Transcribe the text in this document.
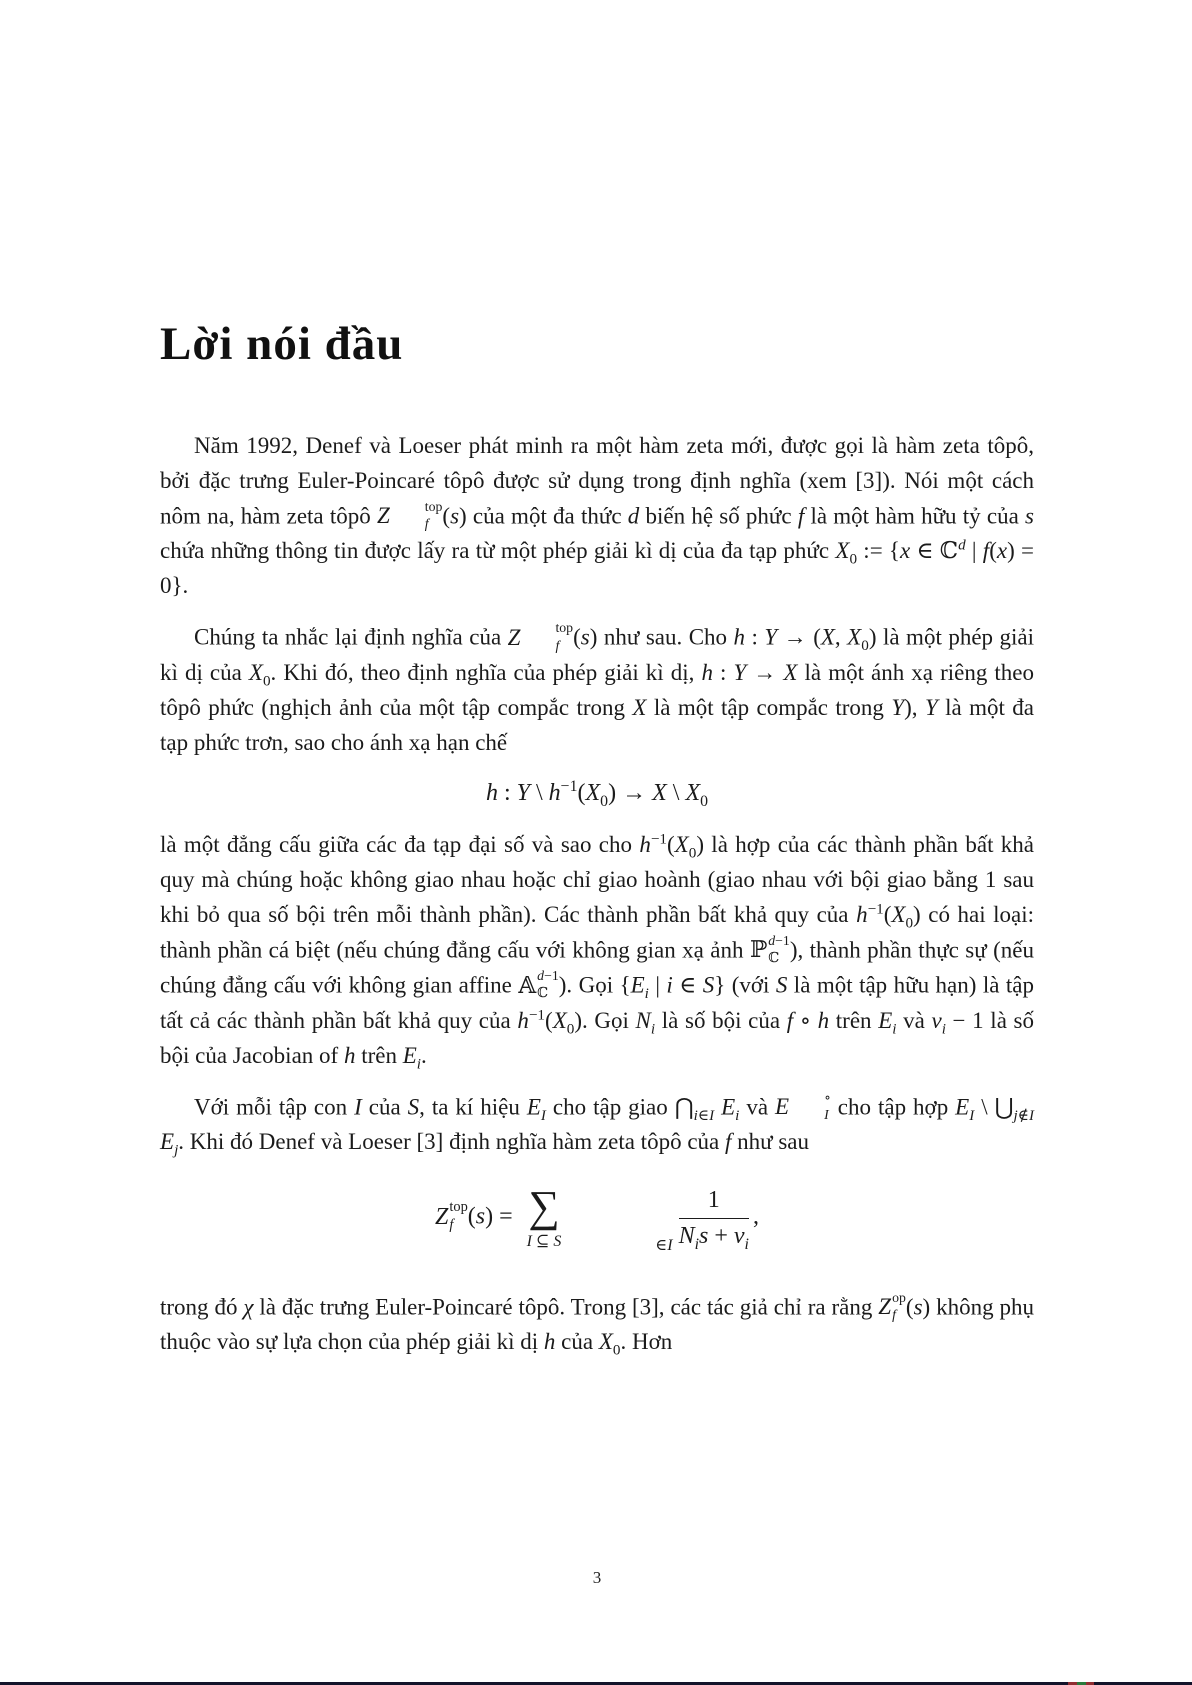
Lời nói đầu

Năm 1992, Denef và Loeser phát minh ra một hàm zeta mới, được gọi là hàm zeta tôpô, bởi đặc trưng Euler-Poincaré tôpô được sử dụng trong định nghĩa (xem [3]). Nói một cách nôm na, hàm zeta tôpô Z	top
f (s) của một đa thức d biến hệ số phức f là một hàm hữu tỷ của s chứa những thông tin được lấy ra từ một phép giải kì dị của đa tạp phức $X_0$ := {x ∈ ℂ$^d$ | f(x) = 0}.

Chúng ta nhắc lại định nghĩa của Z	top
f (s) như sau. Cho h : Y → (X, $X_0$) là một phép giải kì dị của $X_0$. Khi đó, theo định nghĩa của phép giải kì dị, h : Y → X là một ánh xạ riêng theo tôpô phức (nghịch ảnh của một tập compắc trong X là một tập compắc trong Y), Y là một đa tạp phức trơn, sao cho ánh xạ hạn chế

h : Y \ $h^{-1}(X_0) \to X$ \ $X_0$

là một đẳng cấu giữa các đa tạp đại số và sao cho $h^{-1}(X_0)$ là hợp của các thành phần bất khả quy mà chúng hoặc không giao nhau hoặc chỉ giao hoành (giao nhau với bội giao bằng 1 sau khi bỏ qua số bội trên mỗi thành phần). Các thành phần bất khả quy của $h^{-1}(X_0)$ có hai loại: thành phần cá biệt (nếu chúng đẳng cấu với không gian xạ ảnh ℙ d−1
ℂ ), thành phần thực sự (nếu chúng đẳng cấu với không gian affine 𝔸 d−1
ℂ ). Gọi {$E_i$ | i ∈ S} (với S là một tập hữu hạn) là tập tất cả các thành phần bất khả quy của $h^{-1}(X_0)$. Gọi $N_i$ là số bội của f ∘ h trên $E_i$ và $\nu_i - 1$ là số bội của Jacobian of h trên $E_i$.

Với mỗi tập con I của S, ta kí hiệu $E_I$ cho tập giao $⋂_{i\in I}$ $E_i$ và E	∘
I cho tập hợp $E_I$ \ $⋃_{j\notin I}$ $E_j$. Khi đó Denef và Loeser [3] định nghĩa hàm zeta tôpô của f như sau

Z top
f (s) = ∑
I ⊆ S	∈I $\frac{1}{N_is + \nu_i}$ ,

trong đó χ là đặc trưng Euler-Poincaré tôpô. Trong [3], các tác giả chỉ ra rằng Z op
f (s) không phụ thuộc vào sự lựa chọn của phép giải kì dị h của $X_0$. Hơn

3
